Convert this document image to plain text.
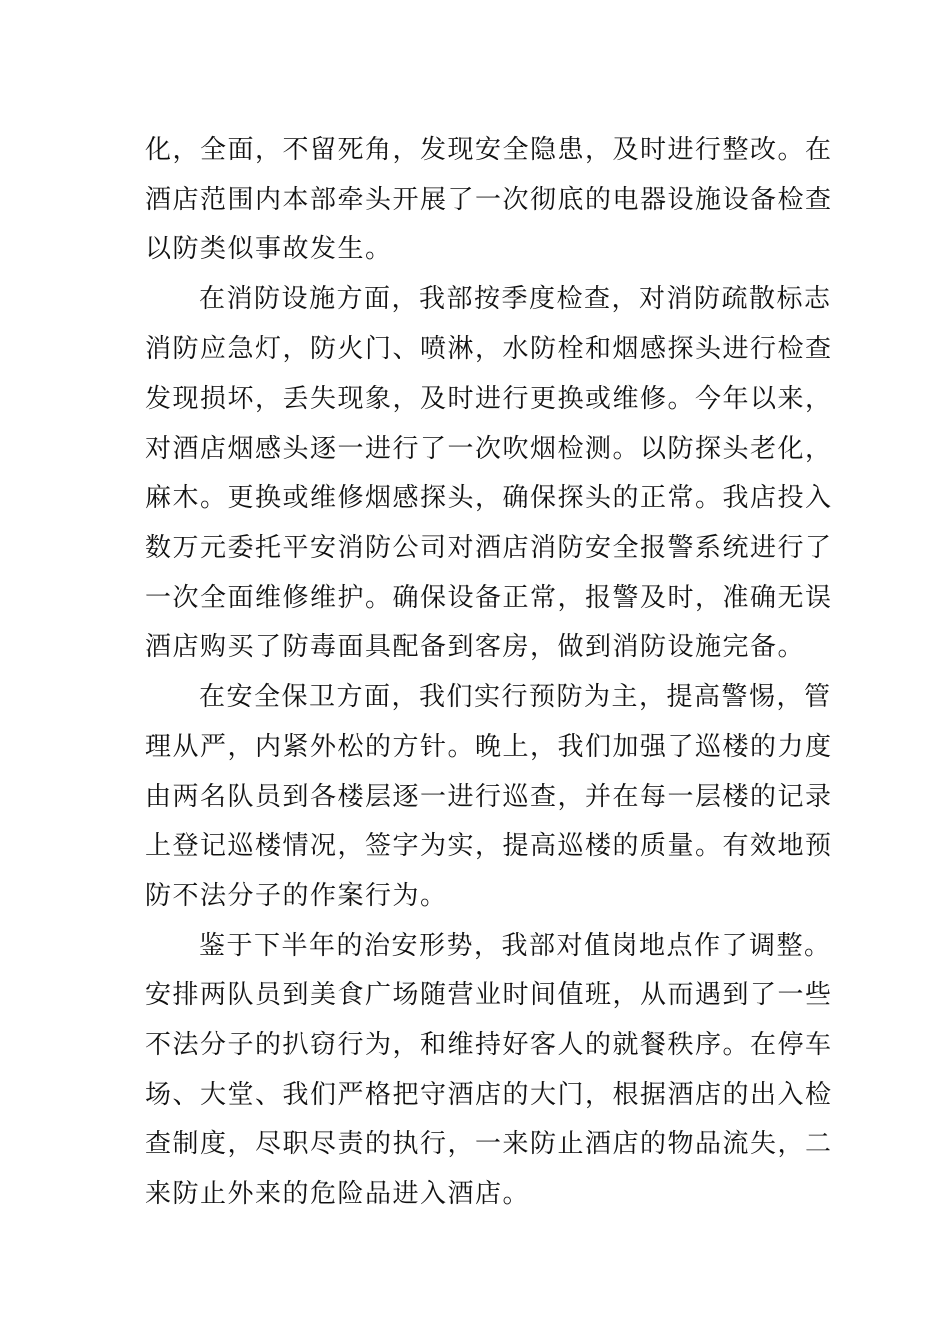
化，全面，不留死角，发现安全隐患，及时进行整改。在
酒店范围内本部牵头开展了一次彻底的电器设施设备检查
以防类似事故发生。
在消防设施方面，我部按季度检查，对消防疏散标志
消防应急灯，防火门、喷淋，水防栓和烟感探头进行检查
发现损坏，丢失现象，及时进行更换或维修。今年以来，
对酒店烟感头逐一进行了一次吹烟检测。以防探头老化，
麻木。更换或维修烟感探头，确保探头的正常。我店投入
数万元委托平安消防公司对酒店消防安全报警系统进行了
一次全面维修维护。确保设备正常，报警及时，准确无误
酒店购买了防毒面具配备到客房，做到消防设施完备。
在安全保卫方面，我们实行预防为主，提高警惕，管
理从严，内紧外松的方针。晚上，我们加强了巡楼的力度
由两名队员到各楼层逐一进行巡查，并在每一层楼的记录
上登记巡楼情况，签字为实，提高巡楼的质量。有效地预
防不法分子的作案行为。
鉴于下半年的治安形势，我部对值岗地点作了调整。
安排两队员到美食广场随营业时间值班，从而遇到了一些
不法分子的扒窃行为，和维持好客人的就餐秩序。在停车
场、大堂、我们严格把守酒店的大门，根据酒店的出入检
查制度，尽职尽责的执行，一来防止酒店的物品流失，二
来防止外来的危险品进入酒店。
